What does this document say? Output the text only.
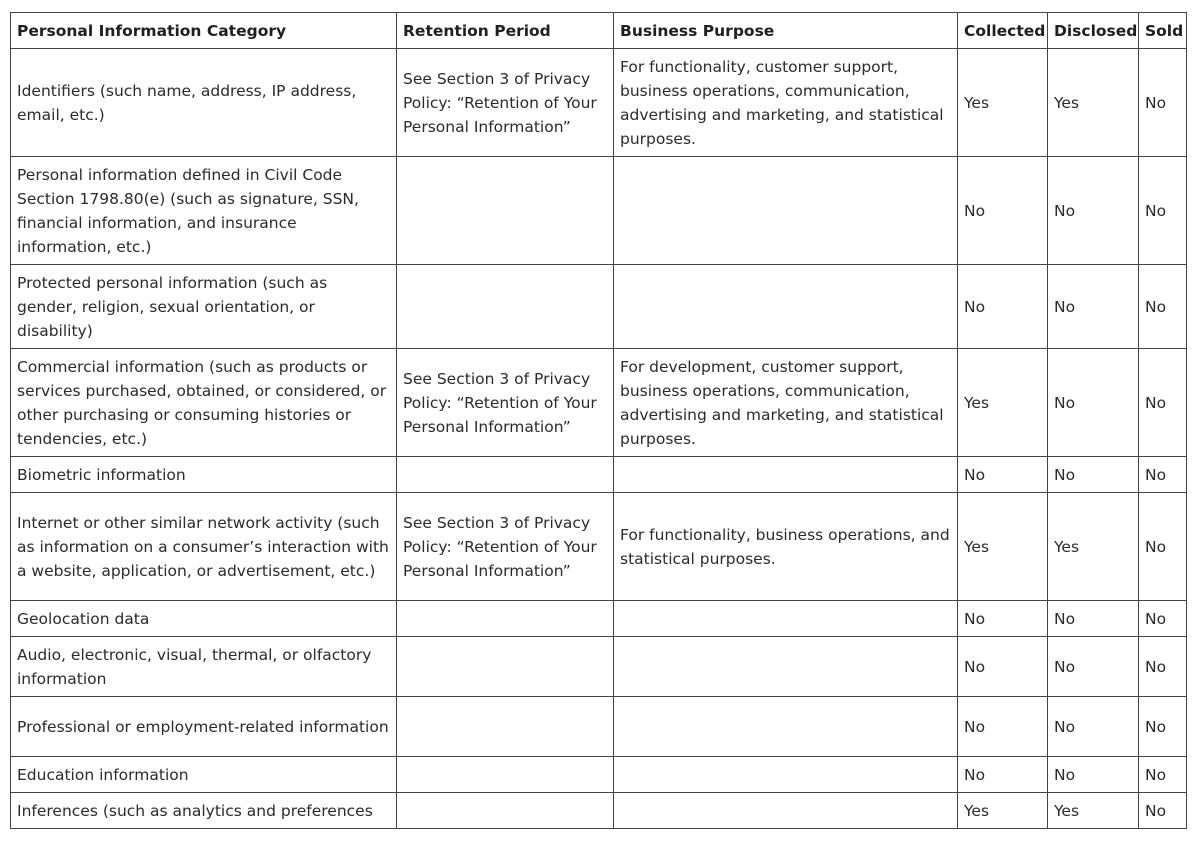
Personal Information Category	Retention Period	Business Purpose	Collected	Disclosed	Sold
Identifiers (such name, address, IP address, email, etc.)	See Section 3 of Privacy Policy: “Retention of Your Personal Information”	For functionality, customer support, business operations, communication, advertising and marketing, and statistical purposes.	Yes	Yes	No
Personal information defined in Civil Code Section 1798.80(e) (such as signature, SSN, financial information, and insurance information, etc.)			No	No	No
Protected personal information (such as gender, religion, sexual orientation, or disability)			No	No	No
Commercial information (such as products or services purchased, obtained, or considered, or other purchasing or consuming histories or tendencies, etc.)	See Section 3 of Privacy Policy: “Retention of Your Personal Information”	For development, customer support, business operations, communication, advertising and marketing, and statistical purposes.	Yes	No	No
Biometric information			No	No	No
Internet or other similar network activity (such as information on a consumer’s interaction with a website, application, or advertisement, etc.)	See Section 3 of Privacy Policy: “Retention of Your Personal Information”	For functionality, business operations, and statistical purposes.	Yes	Yes	No
Geolocation data			No	No	No
Audio, electronic, visual, thermal, or olfactory information			No	No	No
Professional or employment-related information			No	No	No
Education information			No	No	No
Inferences (such as analytics and preferences			Yes	Yes	No
